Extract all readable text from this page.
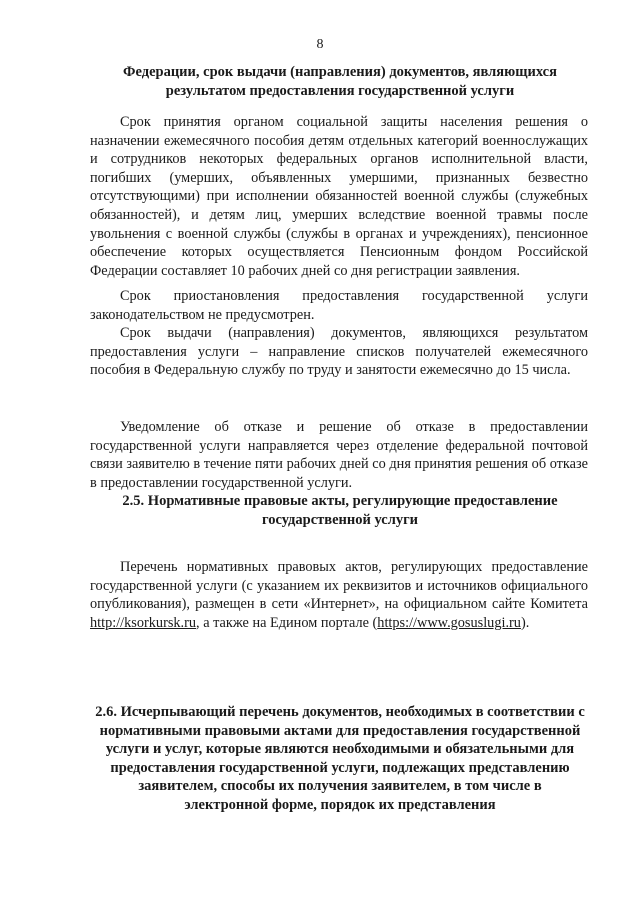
8
Федерации, срок выдачи (направления) документов, являющихся результатом предоставления государственной услуги

Срок принятия органом социальной защиты населения решения о назначении ежемесячного пособия детям отдельных категорий военнослужащих и сотрудников некоторых федеральных органов исполнительной власти, погибших (умерших, объявленных умершими, признанных безвестно отсутствующими) при исполнении обязанностей военной службы (служебных обязанностей), и детям лиц, умерших вследствие военной травмы после увольнения с военной службы (службы в органах и учреждениях), пенсионное обеспечение которых осуществляется Пенсионным фондом Российской Федерации составляет 10 рабочих дней со дня регистрации заявления.

Срок приостановления предоставления государственной услуги законодательством не предусмотрен.

Срок выдачи (направления) документов, являющихся результатом предоставления услуги – направление списков получателей ежемесячного пособия в Федеральную службу по труду и занятости ежемесячно до 15 числа.

Уведомление об отказе и решение об отказе в предоставлении государственной услуги направляется через отделение федеральной почтовой связи заявителю в течение пяти рабочих дней со дня принятия решения об отказе в предоставлении государственной услуги.

2.5. Нормативные правовые акты, регулирующие предоставление государственной услуги

Перечень нормативных правовых актов, регулирующих предоставление государственной услуги (с указанием их реквизитов и источников официального опубликования), размещен в сети «Интернет», на официальном сайте Комитета http://ksorkursk.ru, а также на Едином портале (https://www.gosuslugi.ru).

2.6. Исчерпывающий перечень документов, необходимых в соответствии с нормативными правовыми актами для предоставления государственной услуги и услуг, которые являются необходимыми и обязательными для предоставления государственной услуги, подлежащих представлению заявителем, способы их получения заявителем, в том числе в электронной форме, порядок их представления
